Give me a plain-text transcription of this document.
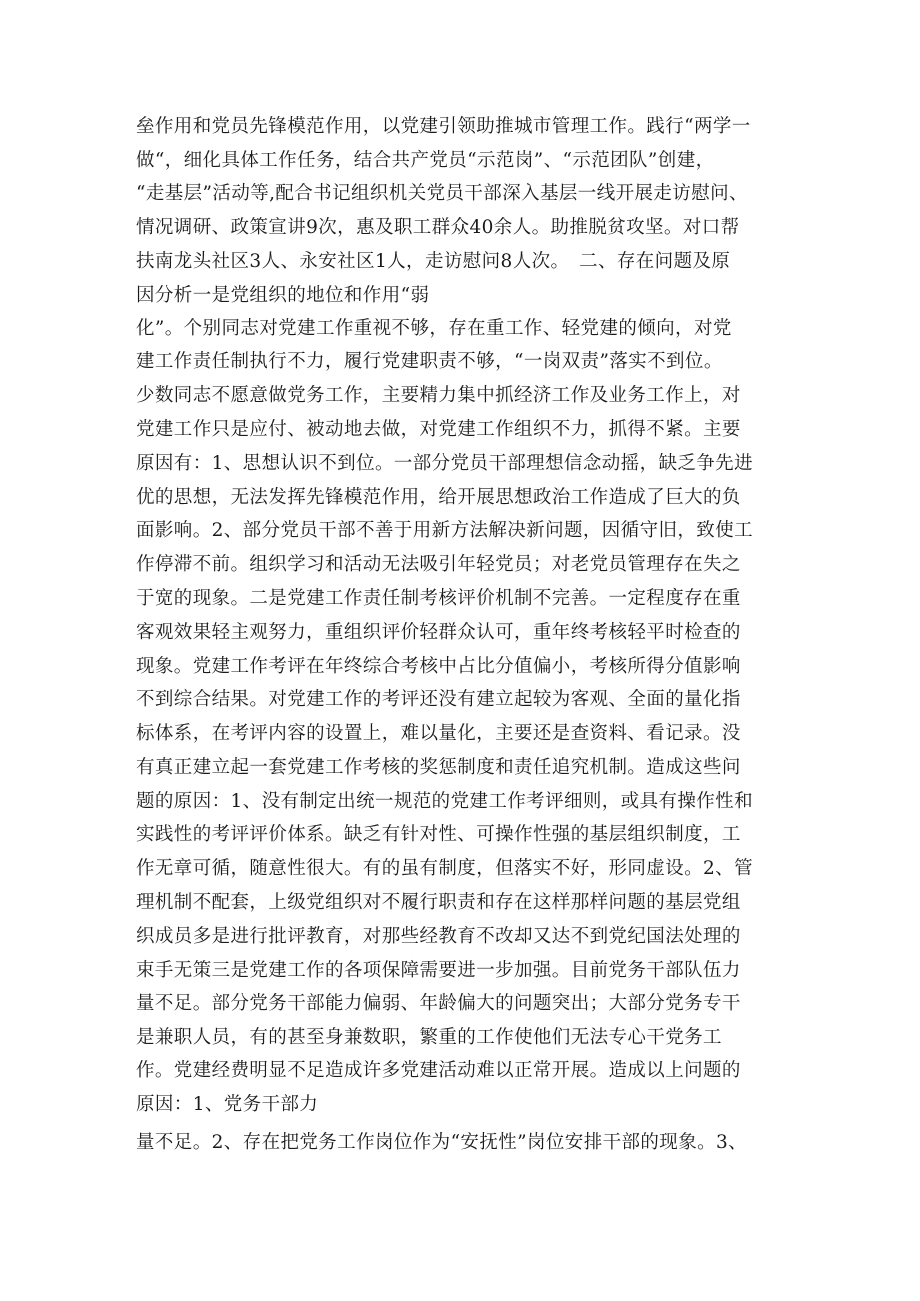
垒作用和党员先锋模范作用，以党建引领助推城市管理工作。践行“两学一
做“，细化具体工作任务，结合共产党员“示范岗”、“示范团队”创建，
“走基层”活动等,配合书记组织机关党员干部深入基层一线开展走访慰问、
情况调研、政策宣讲9次，惠及职工群众40余人。助推脱贫攻坚。对口帮
扶南龙头社区3人、永安社区1人，走访慰问8人次。　二、存在问题及原
因分析一是党组织的地位和作用“弱
化”。个别同志对党建工作重视不够，存在重工作、轻党建的倾向，对党
建工作责任制执行不力，履行党建职责不够，“一岗双责”落实不到位。
少数同志不愿意做党务工作，主要精力集中抓经济工作及业务工作上，对
党建工作只是应付、被动地去做，对党建工作组织不力，抓得不紧。主要
原因有：1、思想认识不到位。一部分党员干部理想信念动摇，缺乏争先进
优的思想，无法发挥先锋模范作用，给开展思想政治工作造成了巨大的负
面影响。2、部分党员干部不善于用新方法解决新问题，因循守旧，致使工
作停滞不前。组织学习和活动无法吸引年轻党员；对老党员管理存在失之
于宽的现象。二是党建工作责任制考核评价机制不完善。一定程度存在重
客观效果轻主观努力，重组织评价轻群众认可，重年终考核轻平时检查的
现象。党建工作考评在年终综合考核中占比分值偏小，考核所得分值影响
不到综合结果。对党建工作的考评还没有建立起较为客观、全面的量化指
标体系，在考评内容的设置上，难以量化，主要还是查资料、看记录。没
有真正建立起一套党建工作考核的奖惩制度和责任追究机制。造成这些问
题的原因：1、没有制定出统一规范的党建工作考评细则，或具有操作性和
实践性的考评评价体系。缺乏有针对性、可操作性强的基层组织制度，工
作无章可循，随意性很大。有的虽有制度，但落实不好，形同虚设。2、管
理机制不配套，上级党组织对不履行职责和存在这样那样问题的基层党组
织成员多是进行批评教育，对那些经教育不改却又达不到党纪国法处理的
束手无策三是党建工作的各项保障需要进一步加强。目前党务干部队伍力
量不足。部分党务干部能力偏弱、年龄偏大的问题突出；大部分党务专干
是兼职人员，有的甚至身兼数职，繁重的工作使他们无法专心干党务工
作。党建经费明显不足造成许多党建活动难以正常开展。造成以上问题的
原因：1、党务干部力
量不足。2、存在把党务工作岗位作为“安抚性”岗位安排干部的现象。3、
